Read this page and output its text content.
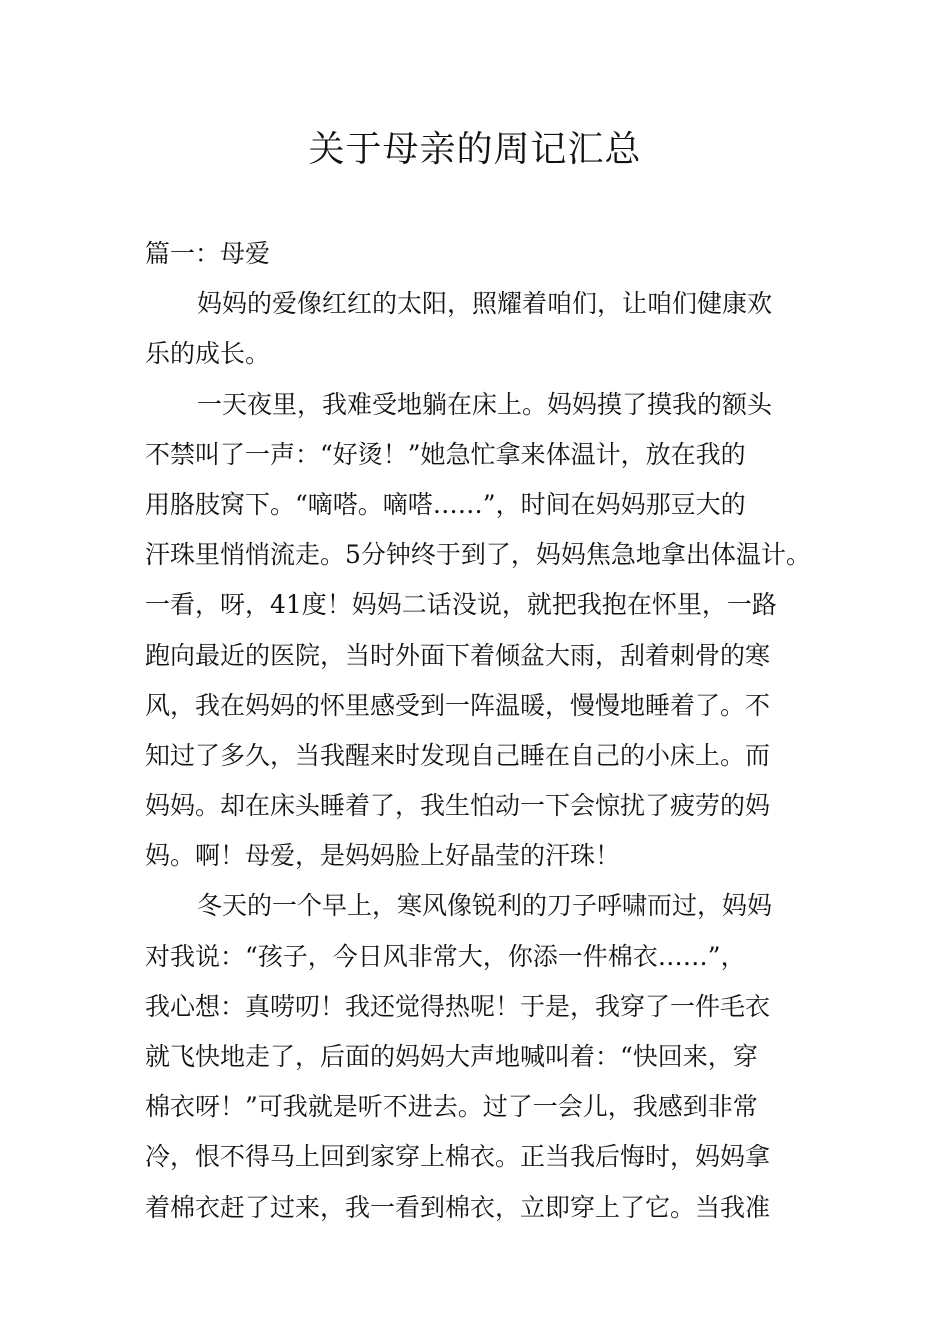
关于母亲的周记汇总
篇一：母爱
妈妈的爱像红红的太阳，照耀着咱们，让咱们健康欢
乐的成长。
一天夜里，我难受地躺在床上。妈妈摸了摸我的额头
不禁叫了一声：“好烫！”她急忙拿来体温计，放在我的
用胳肢窝下。“嘀嗒。嘀嗒……”，时间在妈妈那豆大的
汗珠里悄悄流走。5分钟终于到了，妈妈焦急地拿出体温计。
一看，呀，41度！妈妈二话没说，就把我抱在怀里，一路
跑向最近的医院，当时外面下着倾盆大雨，刮着刺骨的寒
风，我在妈妈的怀里感受到一阵温暖，慢慢地睡着了。不
知过了多久，当我醒来时发现自己睡在自己的小床上。而
妈妈。却在床头睡着了，我生怕动一下会惊扰了疲劳的妈
妈。啊！母爱，是妈妈脸上好晶莹的汗珠！
冬天的一个早上，寒风像锐利的刀子呼啸而过，妈妈
对我说：“孩子，今日风非常大，你添一件棉衣……”，
我心想：真唠叨！我还觉得热呢！于是，我穿了一件毛衣
就飞快地走了，后面的妈妈大声地喊叫着：“快回来，穿
棉衣呀！”可我就是听不进去。过了一会儿，我感到非常
冷，恨不得马上回到家穿上棉衣。正当我后悔时，妈妈拿
着棉衣赶了过来，我一看到棉衣，立即穿上了它。当我准
